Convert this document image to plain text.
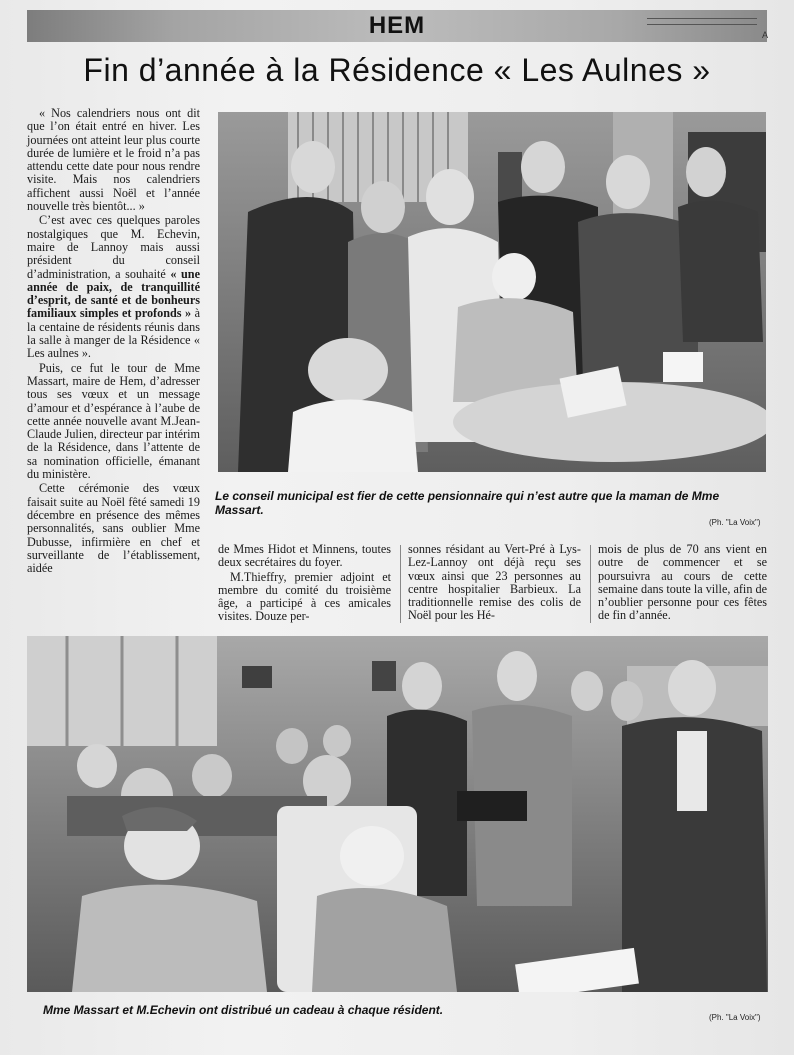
HEM	A
Fin d’année à la Résidence « Les Aulnes »

« Nos calendriers nous ont dit que l’on était entré en hiver. Les journées ont atteint leur plus courte durée de lumière et le froid n’a pas attendu cette date pour nous rendre visite. Mais nos calendriers affichent aussi Noël et l’année nouvelle très bientôt... »

C’est avec ces quelques paroles nostalgiques que M. Echevin, maire de Lannoy mais aussi président du conseil d’administration, a souhaité « une année de paix, de tranquillité d’esprit, de santé et de bonheurs familiaux simples et profonds » à la centaine de résidents réunis dans la salle à manger de la Résidence « Les aulnes ».

Puis, ce fut le tour de Mme Massart, maire de Hem, d’adresser tous ses vœux et un message d’amour et d’espérance à l’aube de cette année nouvelle avant M.Jean-Claude Julien, directeur par intérim de la Résidence, dans l’attente de sa nomination officielle, émanant du ministère.

Cette cérémonie des vœux faisait suite au Noël fêté samedi 19 décembre en présence des mêmes personnalités, sans oublier Mme Dubusse, infirmière en chef et surveillante de l’établissement, aidée

Le conseil municipal est fier de cette pensionnaire qui n’est autre que la maman de Mme Massart.
(Ph. "La Voix")

de Mmes Hidot et Minnens, toutes deux secrétaires du foyer.

M.Thieffry, premier adjoint et membre du comité du troisième âge, a participé à ces amicales visites. Douze per-

sonnes résidant au Vert-Pré à Lys-Lez-Lannoy ont déjà reçu ses vœux ainsi que 23 personnes au centre hospitalier Barbieux. La traditionnelle remise des colis de Noël pour les Hé-

mois de plus de 70 ans vient en outre de commencer et se poursuivra au cours de cette semaine dans toute la ville, afin de n’oublier personne pour ces fêtes de fin d’année.

Mme Massart et M.Echevin ont distribué un cadeau à chaque résident.
(Ph. "La Voix")
